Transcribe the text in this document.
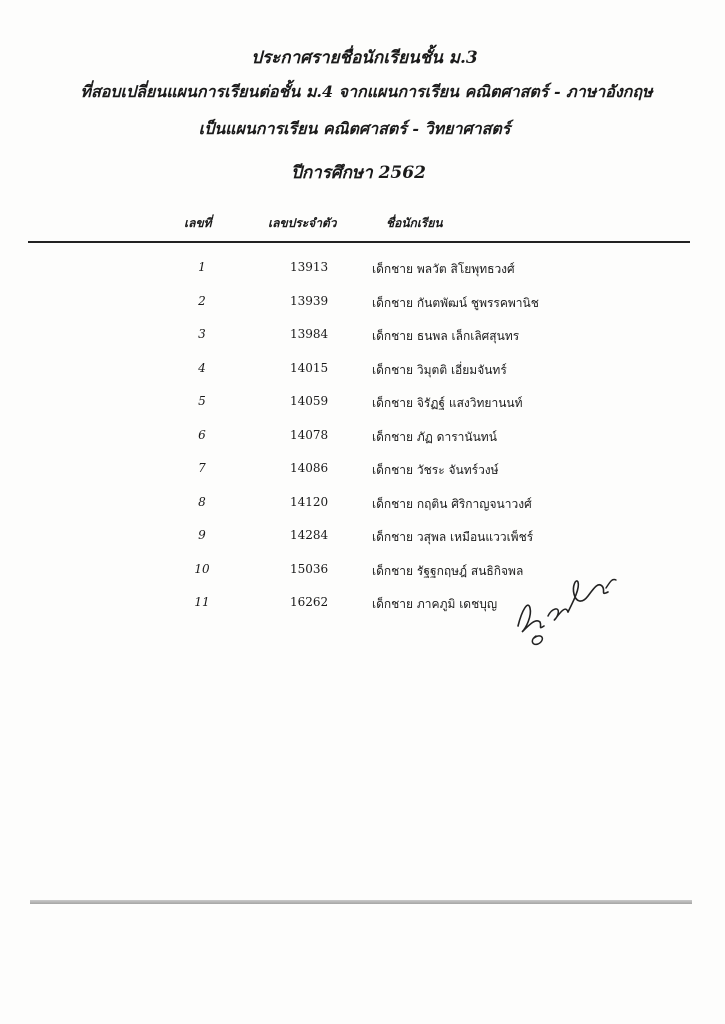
ประกาศรายชื่อนักเรียนชั้น ม.3
ที่สอบเปลี่ยนแผนการเรียนต่อชั้น ม.4 จากแผนการเรียน คณิตศาสตร์ - ภาษาอังกฤษ
เป็นแผนการเรียน คณิตศาสตร์ - วิทยาศาสตร์
ปีการศึกษา 2562
เลขที่	เลขประจำตัว	ชื่อนักเรียน
1	13913	เด็กชาย พลวัต สิโยพุทธวงศ์
2	13939	เด็กชาย กันตพัฒน์ ชูพรรคพานิช
3	13984	เด็กชาย ธนพล เล็กเลิศสุนทร
4	14015	เด็กชาย วิมุตติ เอี่ยมจันทร์
5	14059	เด็กชาย จิรัฏฐ์ แสงวิทยานนท์
6	14078	เด็กชาย ภัฏ ดารานันทน์
7	14086	เด็กชาย วัชระ จันทร์วงษ์
8	14120	เด็กชาย กฤติน ศิริกาญจนาวงศ์
9	14284	เด็กชาย วสุพล เหมือนแววเพ็ชร์
10	15036	เด็กชาย รัฐฐกฤษฎ์ สนธิกิจพล
11	16262	เด็กชาย ภาคภูมิ เดชบุญ
